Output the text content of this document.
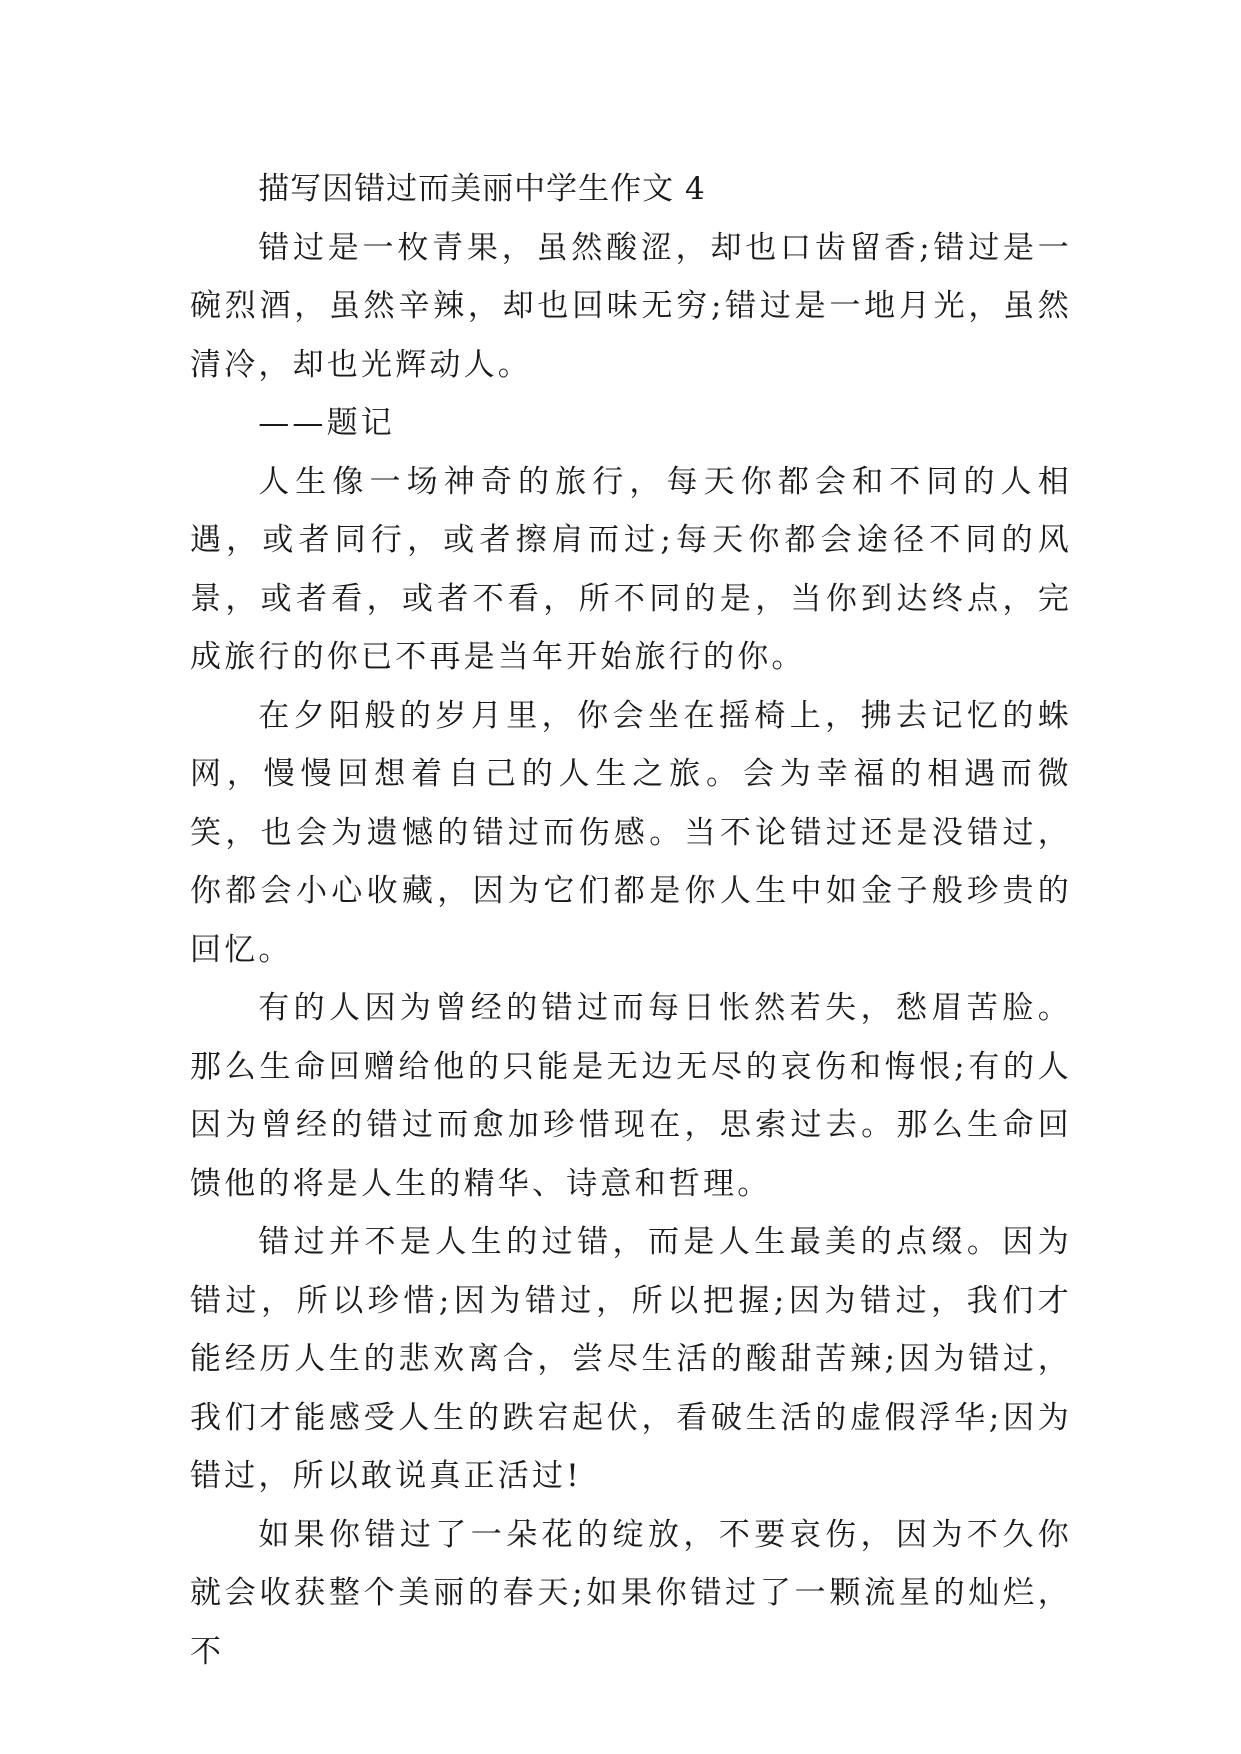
描写因错过而美丽中学生作文 4

错过是一枚青果，虽然酸涩，却也口齿留香;错过是一碗烈酒，虽然辛辣，却也回味无穷;错过是一地月光，虽然清冷，却也光辉动人。

——题记

人生像一场神奇的旅行，每天你都会和不同的人相遇，或者同行，或者擦肩而过;每天你都会途径不同的风景，或者看，或者不看，所不同的是，当你到达终点，完成旅行的你已不再是当年开始旅行的你。

在夕阳般的岁月里，你会坐在摇椅上，拂去记忆的蛛网，慢慢回想着自己的人生之旅。会为幸福的相遇而微笑，也会为遗憾的错过而伤感。当不论错过还是没错过，你都会小心收藏，因为它们都是你人生中如金子般珍贵的回忆。

有的人因为曾经的错过而每日怅然若失，愁眉苦脸。那么生命回赠给他的只能是无边无尽的哀伤和悔恨;有的人因为曾经的错过而愈加珍惜现在，思索过去。那么生命回馈他的将是人生的精华、诗意和哲理。

错过并不是人生的过错，而是人生最美的点缀。因为错过，所以珍惜;因为错过，所以把握;因为错过，我们才能经历人生的悲欢离合，尝尽生活的酸甜苦辣;因为错过，我们才能感受人生的跌宕起伏，看破生活的虚假浮华;因为错过，所以敢说真正活过!

如果你错过了一朵花的绽放，不要哀伤，因为不久你就会收获整个美丽的春天;如果你错过了一颗流星的灿烂，不
